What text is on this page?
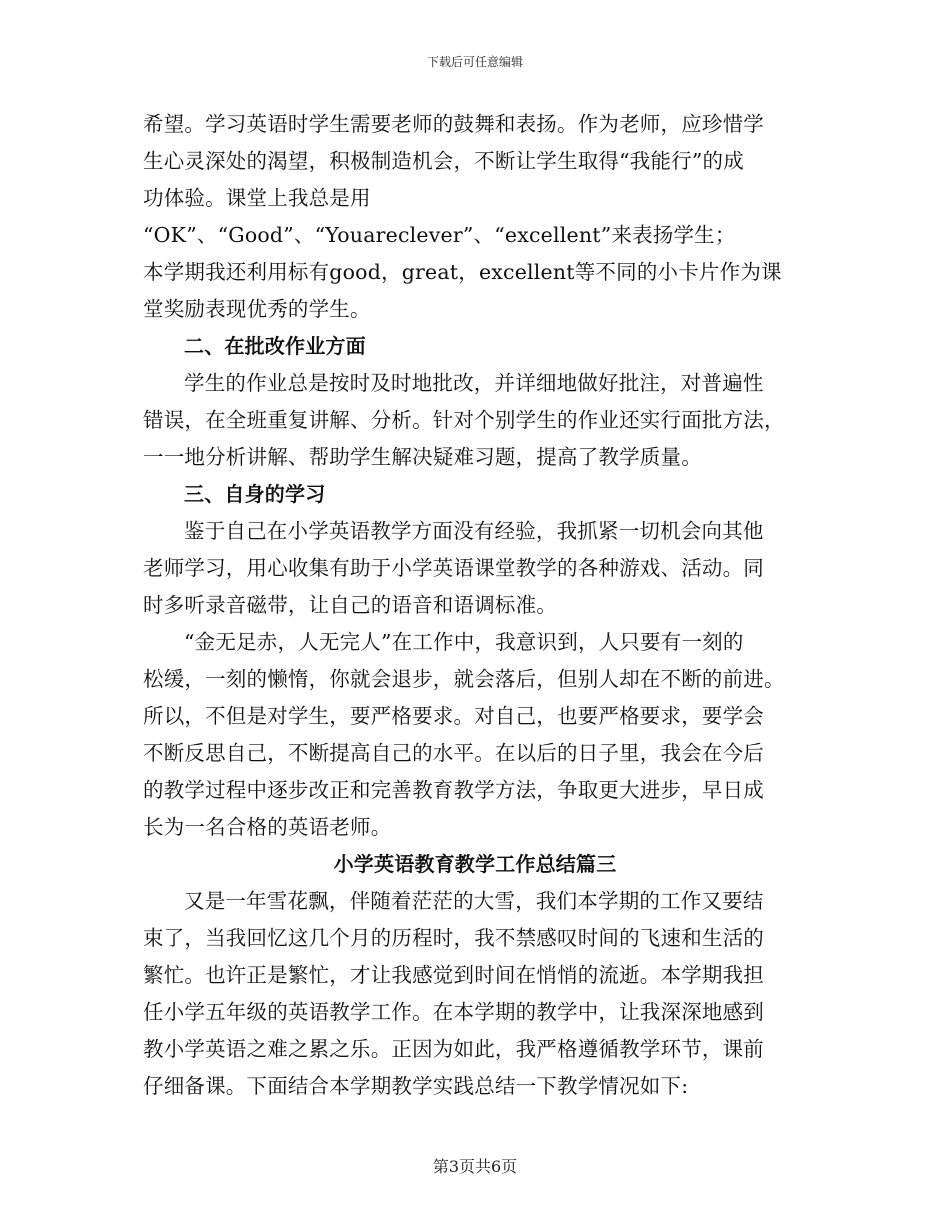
下载后可任意编辑
希望。学习英语时学生需要老师的鼓舞和表扬。作为老师，应珍惜学
生心灵深处的渴望，积极制造机会，不断让学生取得“我能行”的成
功体验。课堂上我总是用
“OK”、“Good”、“Youareclever”、“excellent”来表扬学生；
本学期我还利用标有good，great，excellent等不同的小卡片作为课
堂奖励表现优秀的学生。
二、在批改作业方面
学生的作业总是按时及时地批改，并详细地做好批注，对普遍性
错误，在全班重复讲解、分析。针对个别学生的作业还实行面批方法，
一一地分析讲解、帮助学生解决疑难习题，提高了教学质量。
三、自身的学习
鉴于自己在小学英语教学方面没有经验，我抓紧一切机会向其他
老师学习，用心收集有助于小学英语课堂教学的各种游戏、活动。同
时多听录音磁带，让自己的语音和语调标准。
“金无足赤，人无完人”在工作中，我意识到，人只要有一刻的
松缓，一刻的懒惰，你就会退步，就会落后，但别人却在不断的前进。
所以，不但是对学生，要严格要求。对自己，也要严格要求，要学会
不断反思自己，不断提高自己的水平。在以后的日子里，我会在今后
的教学过程中逐步改正和完善教育教学方法，争取更大进步，早日成
长为一名合格的英语老师。
小学英语教育教学工作总结篇三
又是一年雪花飘，伴随着茫茫的大雪，我们本学期的工作又要结
束了，当我回忆这几个月的历程时，我不禁感叹时间的飞速和生活的
繁忙。也许正是繁忙，才让我感觉到时间在悄悄的流逝。本学期我担
任小学五年级的英语教学工作。在本学期的教学中，让我深深地感到
教小学英语之难之累之乐。正因为如此，我严格遵循教学环节，课前
仔细备课。下面结合本学期教学实践总结一下教学情况如下:
第3页共6页
